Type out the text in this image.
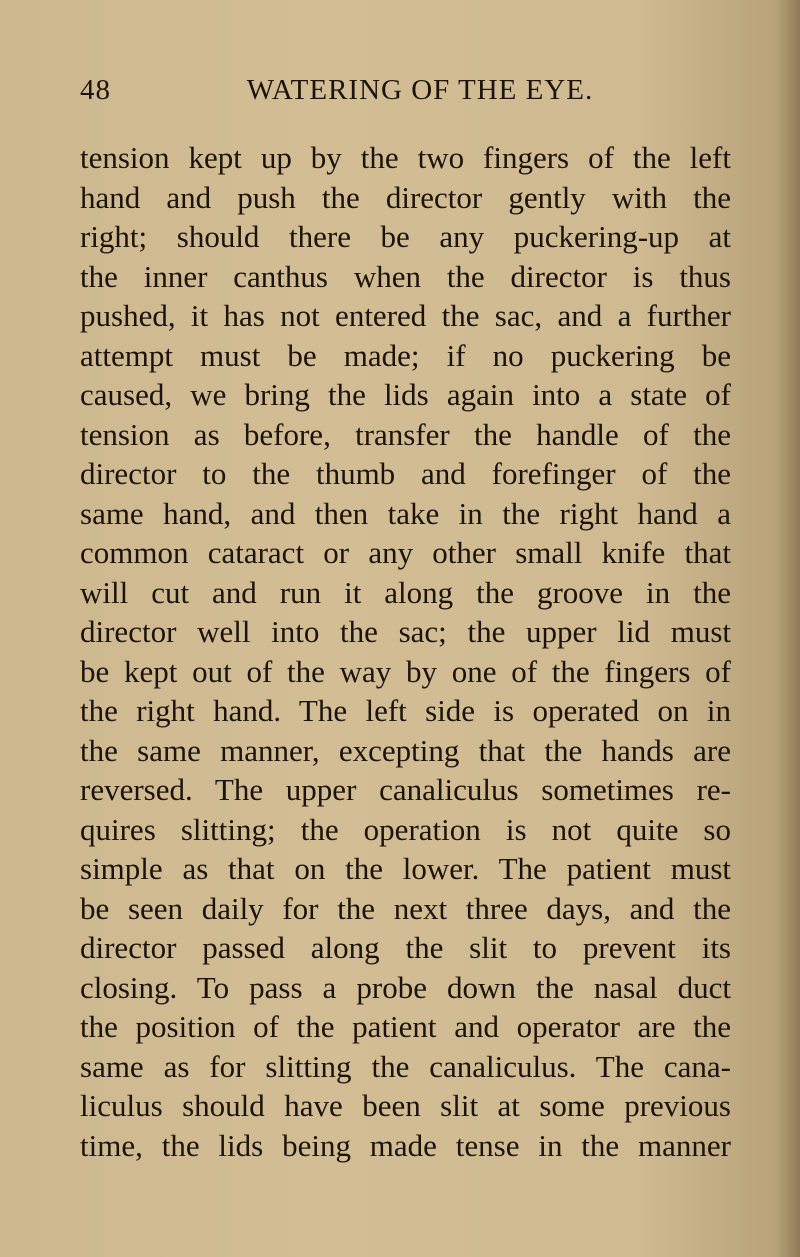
48	WATERING OF THE EYE.
tension kept up by the two fingers of the left
hand and push the director gently with the
right; should there be any puckering-up at
the inner canthus when the director is thus
pushed, it has not entered the sac, and a further
attempt must be made; if no puckering be
caused, we bring the lids again into a state of
tension as before, transfer the handle of the
director to the thumb and forefinger of the
same hand, and then take in the right hand a
common cataract or any other small knife that
will cut and run it along the groove in the
director well into the sac; the upper lid must
be kept out of the way by one of the fingers of
the right hand. The left side is operated on in
the same manner, excepting that the hands are
reversed. The upper canaliculus sometimes re-
quires slitting; the operation is not quite so
simple as that on the lower. The patient must
be seen daily for the next three days, and the
director passed along the slit to prevent its
closing. To pass a probe down the nasal duct
the position of the patient and operator are the
same as for slitting the canaliculus. The cana-
liculus should have been slit at some previous
time, the lids being made tense in the manner
